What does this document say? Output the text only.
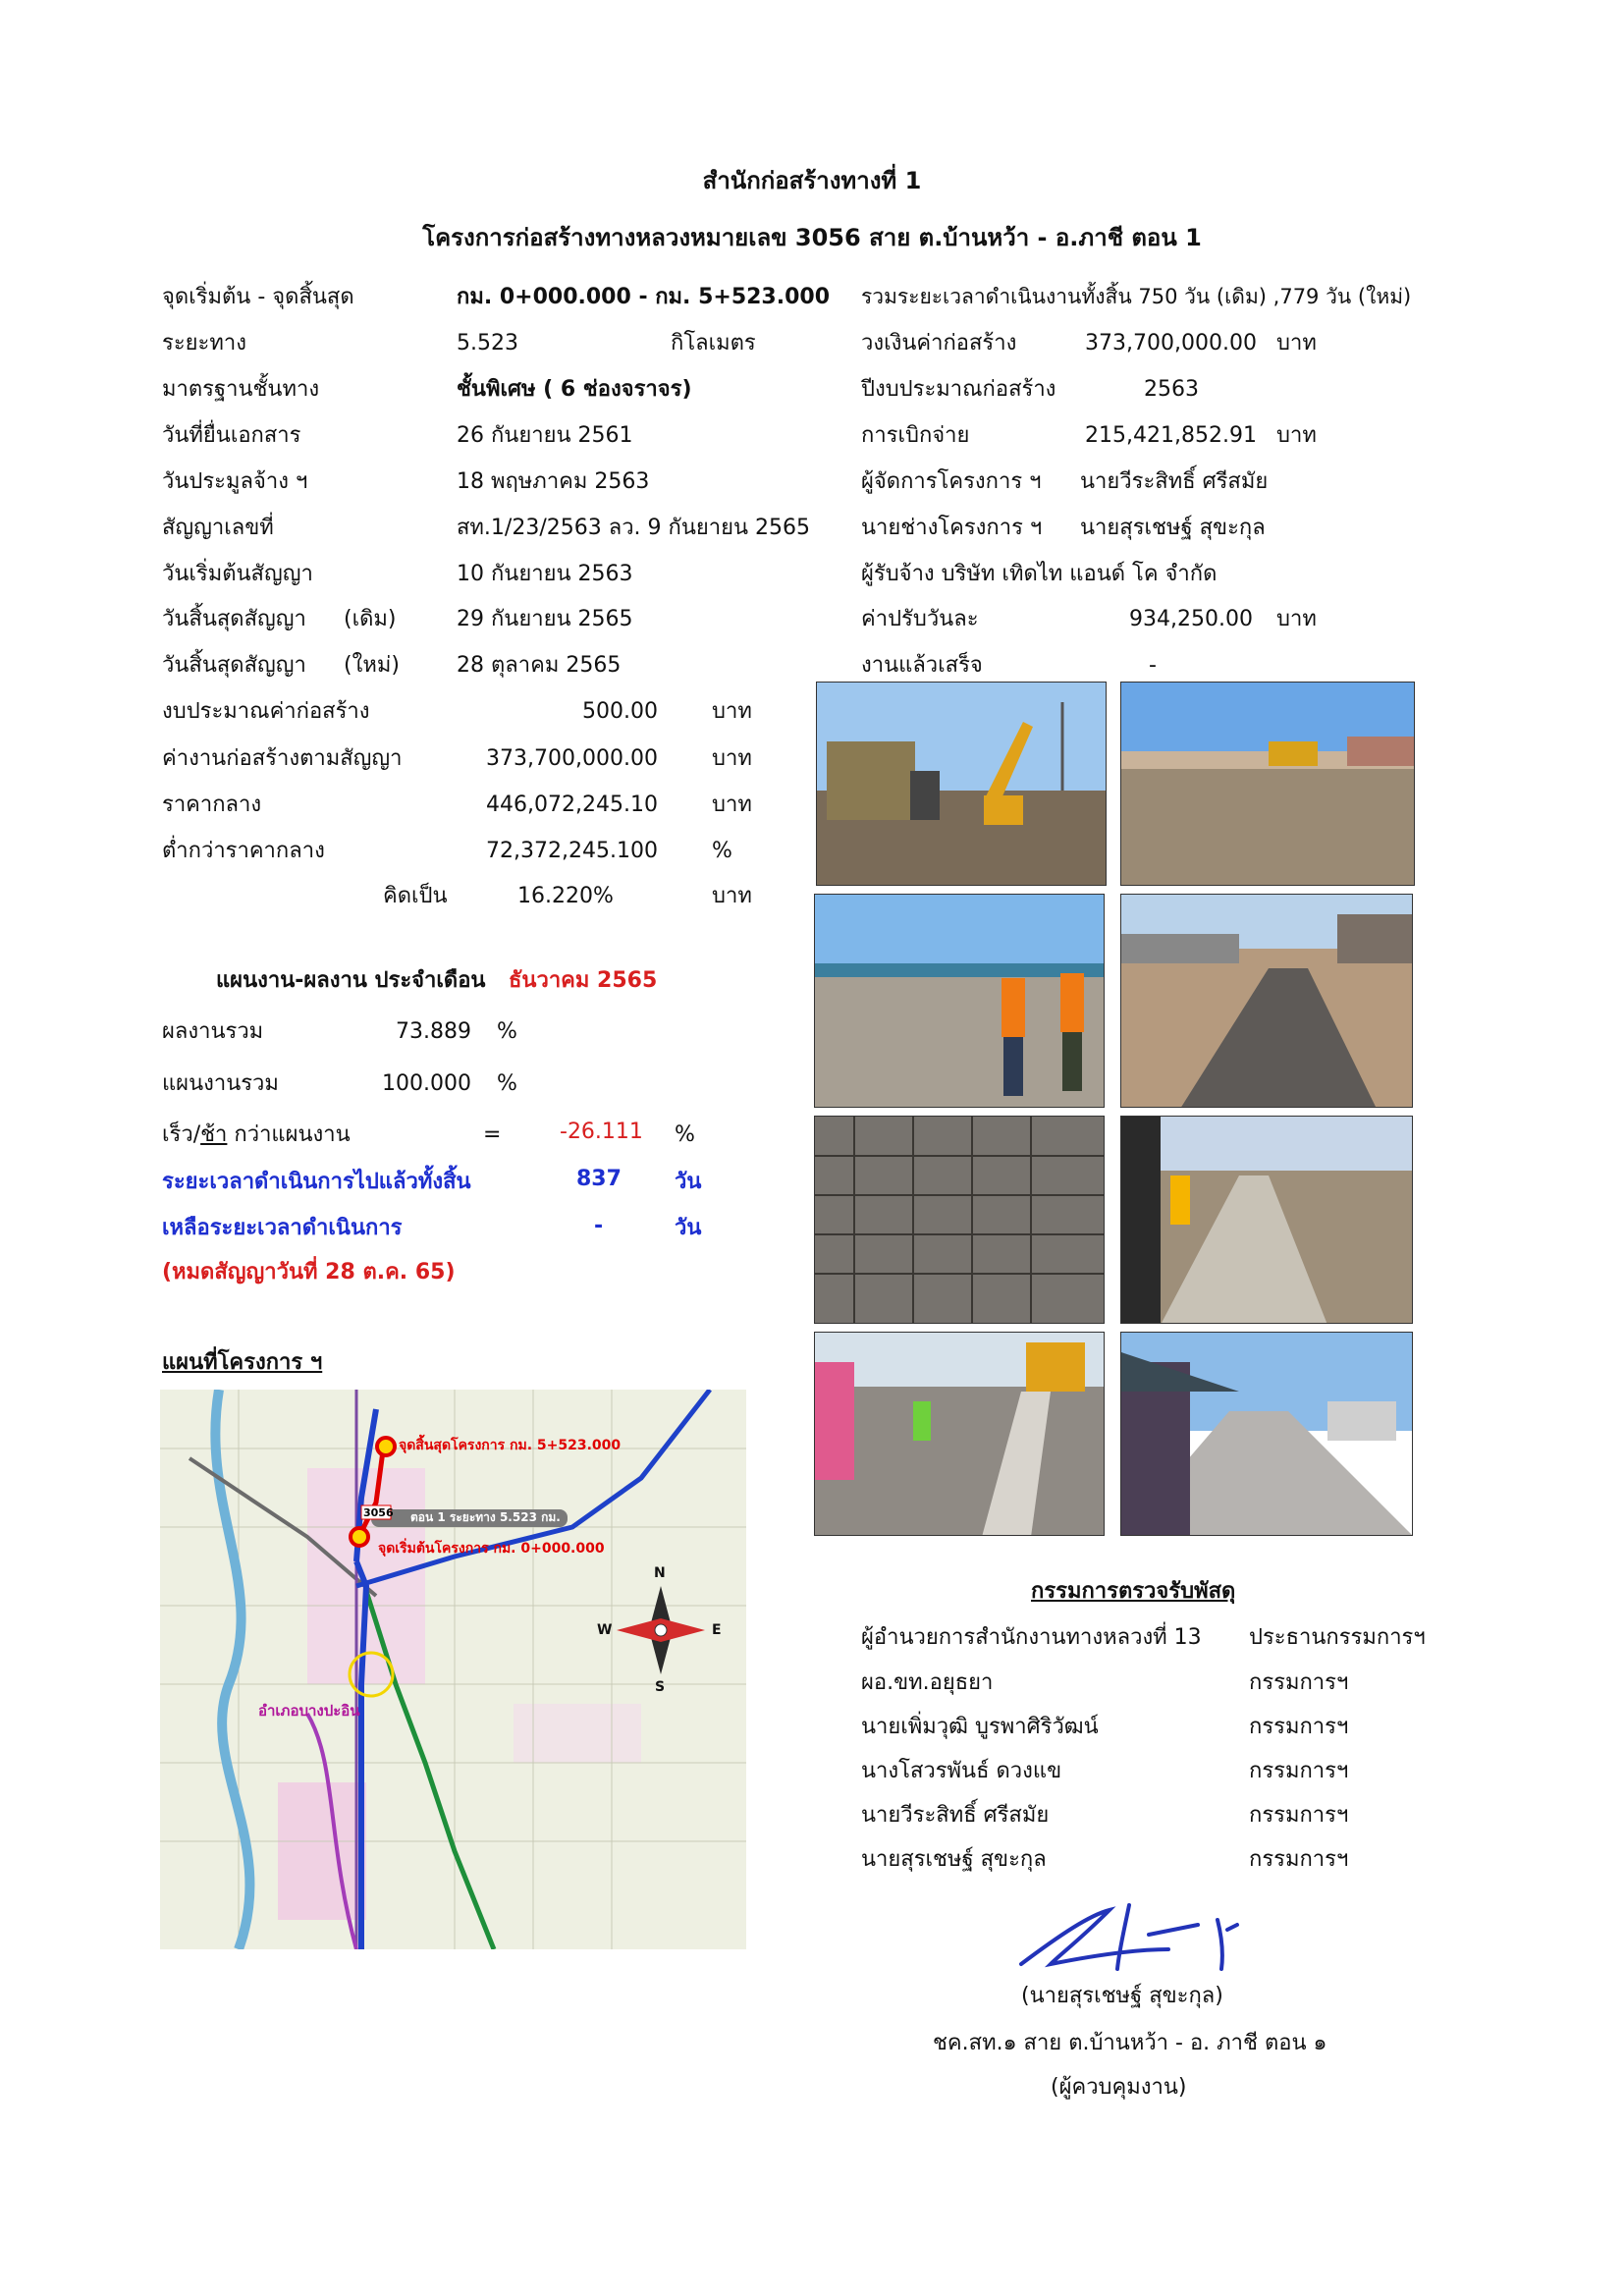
สำนักก่อสร้างทางที่ 1
โครงการก่อสร้างทางหลวงหมายเลข 3056 สาย ต.บ้านหว้า - อ.ภาชี ตอน 1
จุดเริ่มต้น - จุดสิ้นสุด	กม. 0+000.000 - กม. 5+523.000
ระยะทาง	5.523	กิโลเมตร
มาตรฐานชั้นทาง	ชั้นพิเศษ ( 6 ช่องจราจร)
วันที่ยื่นเอกสาร	26 กันยายน 2561
วันประมูลจ้าง ฯ	18 พฤษภาคม 2563
สัญญาเลขที่	สท.1/23/2563 ลว. 9 กันยายน 2565
วันเริ่มต้นสัญญา	10 กันยายน 2563
วันสิ้นสุดสัญญา (เดิม)	29 กันยายน 2565
วันสิ้นสุดสัญญา (ใหม่)	28 ตุลาคม 2565
รวมระยะเวลาดำเนินงานทั้งสิ้น 750 วัน (เดิม) ,779 วัน (ใหม่)
วงเงินค่าก่อสร้าง	373,700,000.00 บาท
ปีงบประมาณก่อสร้าง	2563
การเบิกจ่าย	215,421,852.91 บาท
ผู้จัดการโครงการ ฯ นายวีระสิทธิ์ ศรีสมัย
นายช่างโครงการ ฯ นายสุรเชษฐ์ สุขะกุล
ผู้รับจ้าง บริษัท เทิดไท แอนด์ โค จำกัด
ค่าปรับวันละ	934,250.00 บาท
งานแล้วเสร็จ	-
งบประมาณค่าก่อสร้าง	500.00	บาท
ค่างานก่อสร้างตามสัญญา	373,700,000.00	บาท
ราคากลาง	446,072,245.10	บาท
ต่ำกว่าราคากลาง	72,372,245.100	%
คิดเป็น	16.220%	บาท
แผนงาน-ผลงาน ประจำเดือน ธันวาคม 2565
ผลงานรวม	73.889 %
แผนงานรวม	100.000 %
เร็ว/ช้า กว่าแผนงาน	=	-26.111 %
ระยะเวลาดำเนินการไปแล้วทั้งสิ้น	837 วัน
เหลือระยะเวลาดำเนินการ	-	วัน
(หมดสัญญาวันที่ 28 ต.ค. 65)
แผนที่โครงการ ฯ
จุดสิ้นสุดโครงการ กม. 5+523.000
ตอน 1 ระยะทาง 5.523 กม.
3056
จุดเริ่มต้นโครงการ กม. 0+000.000
อำเภอบางปะอิน
N
S
W	E
กรรมการตรวจรับพัสดุ
ผู้อำนวยการสำนักงานทางหลวงที่ 13 ประธานกรรมการฯ
ผอ.ขท.อยุธยา	กรรมการฯ
นายเพิ่มวุฒิ บูรพาศิริวัฒน์	กรรมการฯ
นางโสวรพันธ์ ดวงแข	กรรมการฯ
นายวีระสิทธิ์ ศรีสมัย	กรรมการฯ
นายสุรเชษฐ์ สุขะกุล	กรรมการฯ
(นายสุรเชษฐ์ สุขะกุล)
ชค.สท.๑ สาย ต.บ้านหว้า - อ. ภาชี ตอน ๑
(ผู้ควบคุมงาน)
